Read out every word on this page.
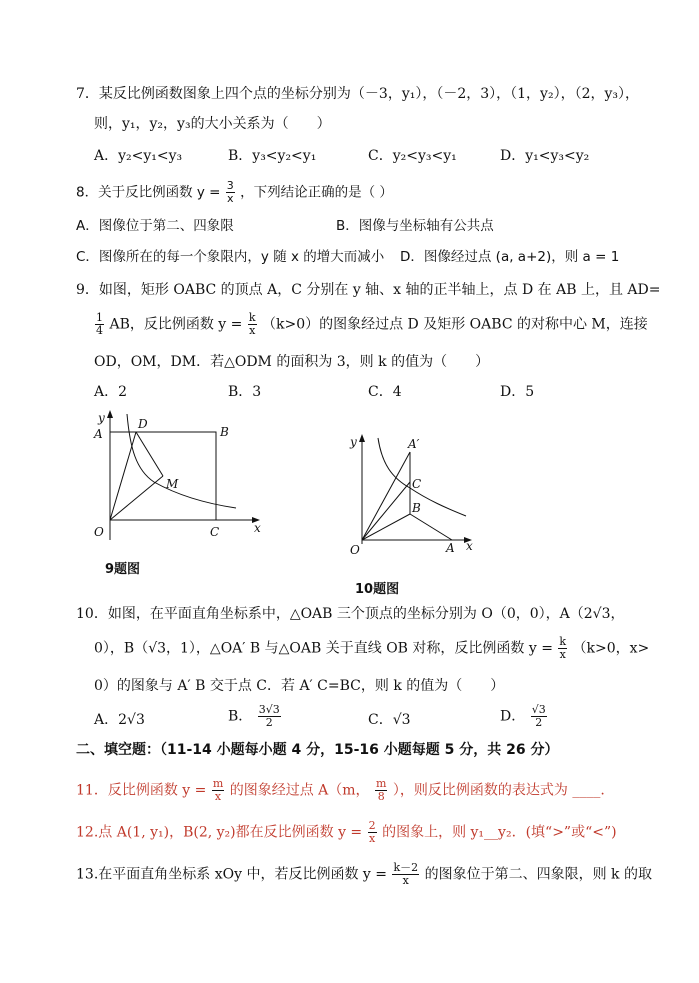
7．某反比例函数图象上四个点的坐标分别为（－3，y₁），（－2，3），（1，y₂），（2，y₃），
则，y₁，y₂，y₃的大小关系为（　　）
A．y₂<y₁<y₃	B．y₃<y₂<y₁	C．y₂<y₃<y₁	D．y₁<y₃<y₂
8．关于反比例函数 $y = \frac{3}{x}$ ，下列结论正确的是（ ）
A．图像位于第二、四象限	B．图像与坐标轴有公共点
C．图像所在的每一个象限内，y 随 x 的增大而减小 D．图像经过点 (a, a+2)，则 a = 1
9．如图，矩形 OABC 的顶点 A，C 分别在 y 轴、x 轴的正半轴上，点 D 在 AB 上，且 AD=
$\frac{1}{4}$ AB，反比例函数 $y = \frac{k}{x} (k>0)$的图象经过点 D 及矩形 OABC 的对称中心 M，连接
OD，OM，DM．若△ODM 的面积为 3，则 k 的值为（　　）
A．2	B．3	C．4	D．5
y
x
O
A	B
C
D
M
9题图
y
x
O	A
B
C
A′
10题图
10．如图，在平面直角坐标系中，△OAB 三个顶点的坐标分别为 O（0，0），A（2√3，
0），B（√3，1），△OA′ B 与△OAB 关于直线 OB 对称，反比例函数 $y = \frac{k}{x} (k>0$，x>
0）的图象与 A′ B 交于点 C．若 A′ C=BC，则 k 的值为（　　）
A．2√3	B． $\frac{3√3}{2}$	C．√3	D． $\frac{√3}{2}$
二、填空题：（11-14 小题每小题 4 分，15-16 小题每题 5 分，共 26 分）
11．反比例函数 $y = \frac{m}{x}$ 的图象经过点 A（m， $\frac{m}{8}$ ），则反比例函数的表达式为 ____.
12.点 A(1, y₁)，B(2, y₂)都在反比例函数 $y = \frac{2}{x}$ 的图象上，则 y₁__y₂．(填“>”或“<”)
13.在平面直角坐标系 xOy 中，若反比例函数 $y = \frac{k-2}{x}$ 的图象位于第二、四象限，则 k 的取
